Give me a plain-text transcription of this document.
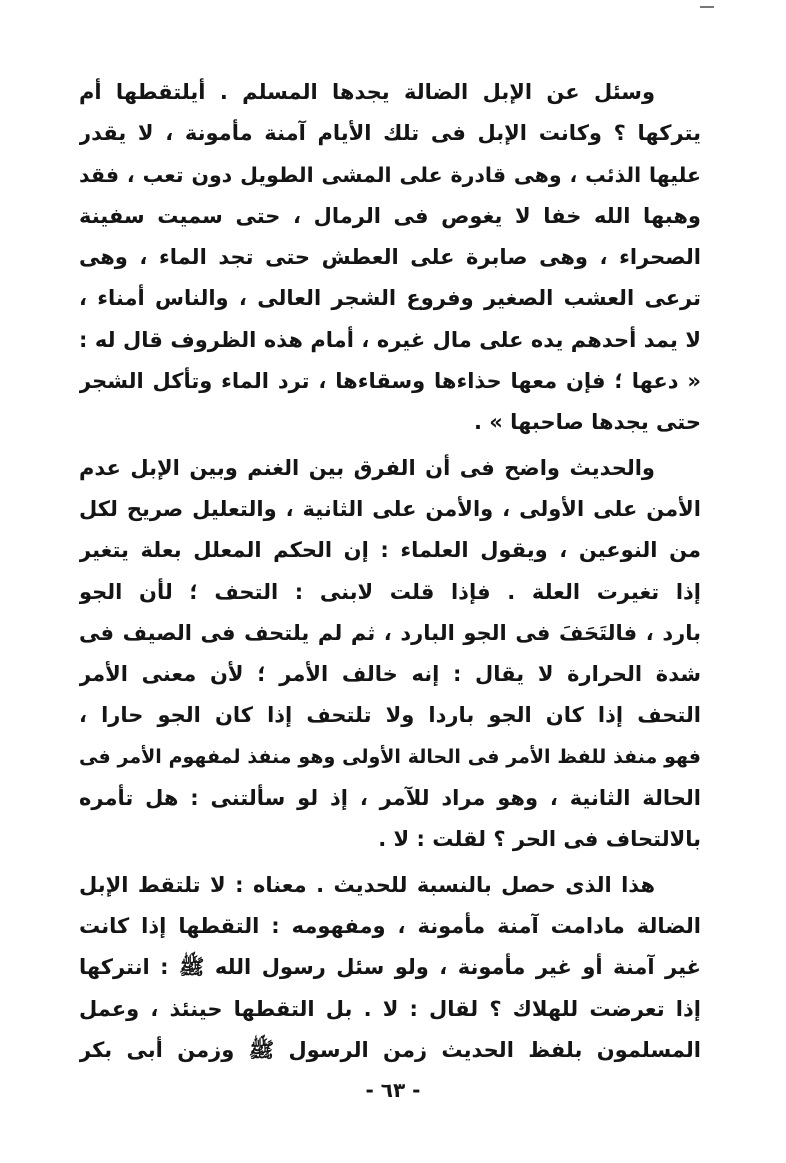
وسئل عن الإبل الضالة يجدها المسلم . أيلتقطها أم
يتركها ؟ وكانت الإبل فى تلك الأيام آمنة مأمونة ، لا يقدر
عليها الذئب ، وهى قادرة على المشى الطويل دون تعب ، فقد
وهبها الله خفا لا يغوص فى الرمال ، حتى سميت سفينة
الصحراء ، وهى صابرة على العطش حتى تجد الماء ، وهى
ترعى العشب الصغير وفروع الشجر العالى ، والناس أمناء ،
لا يمد أحدهم يده على مال غيره ، أمام هذه الظروف قال له :
« دعها ؛ فإن معها حذاءها وسقاءها ، ترد الماء وتأكل الشجر
حتى يجدها صاحبها » .
والحديث واضح فى أن الفرق بين الغنم وبين الإبل عدم
الأمن على الأولى ، والأمن على الثانية ، والتعليل صريح لكل
من النوعين ، ويقول العلماء : إن الحكم المعلل بعلة يتغير
إذا تغيرت العلة . فإذا قلت لابنى : التحف ؛ لأن الجو
بارد ، فالتَحَفَ فى الجو البارد ، ثم لم يلتحف فى الصيف فى
شدة الحرارة لا يقال : إنه خالف الأمر ؛ لأن معنى الأمر
التحف إذا كان الجو باردا ولا تلتحف إذا كان الجو حارا ،
فهو منفذ للفظ الأمر فى الحالة الأولى وهو منفذ لمفهوم الأمر فى
الحالة الثانية ، وهو مراد للآمر ، إذ لو سألتنى : هل تأمره
بالالتحاف فى الحر ؟ لقلت : لا .
هذا الذى حصل بالنسبة للحديث . معناه : لا تلتقط الإبل
الضالة مادامت آمنة مأمونة ، ومفهومه : التقطها إذا كانت
غير آمنة أو غير مأمونة ، ولو سئل رسول الله ﷺ : انتركها
إذا تعرضت للهلاك ؟ لقال : لا . بل التقطها حينئذ ، وعمل
المسلمون بلفظ الحديث زمن الرسول ﷺ وزمن أبى بكر
- ٦٣ -
